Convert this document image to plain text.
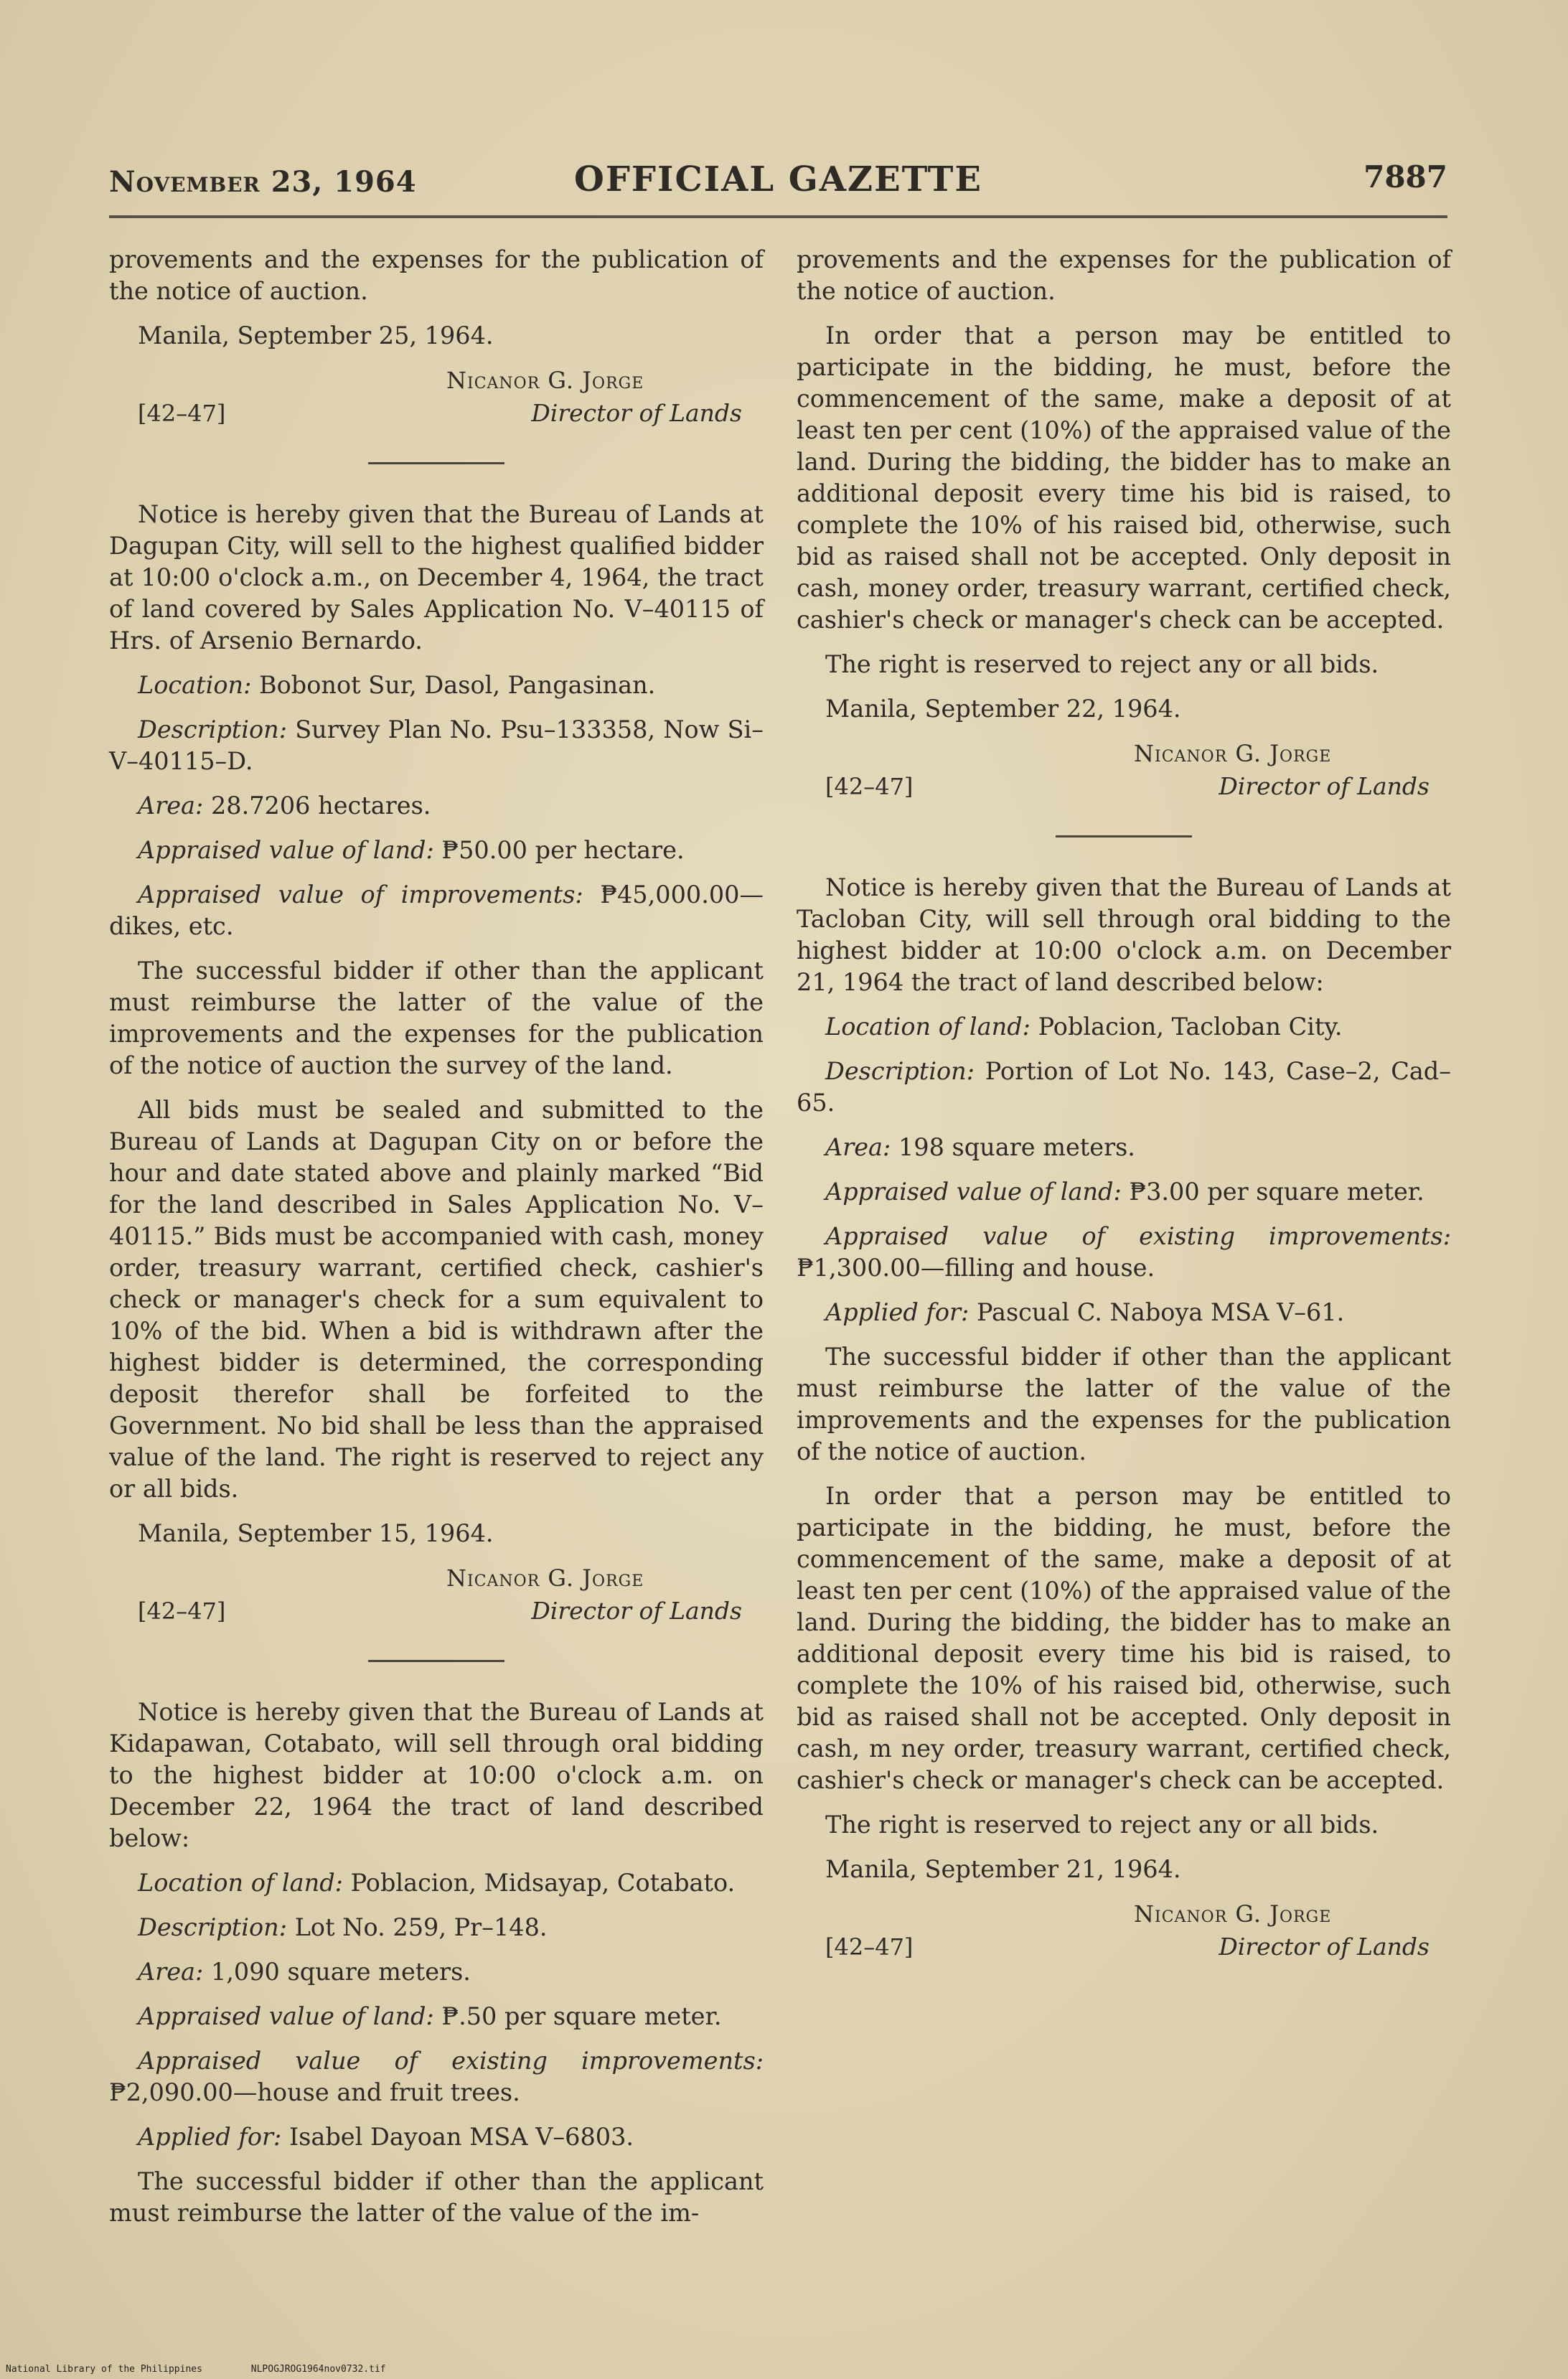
November 23, 1964	OFFICIAL GAZETTE	7887

provements and the expenses for the publication of the notice of auction.

Manila, September 25, 1964.

Nicanor G. Jorge
[42–47]	Director of Lands

Notice is hereby given that the Bureau of Lands at Dagupan City, will sell to the highest qualified bidder at 10:00 o'clock a.m., on December 4, 1964, the tract of land covered by Sales Application No. V–40115 of Hrs. of Arsenio Bernardo.

Location: Bobonot Sur, Dasol, Pangasinan.

Description: Survey Plan No. Psu–133358, Now Si–V–40115–D.

Area: 28.7206 hectares.

Appraised value of land: ₱50.00 per hectare.

Appraised value of improvements: ₱45,000.00—dikes, etc.

The successful bidder if other than the applicant must reimburse the latter of the value of the improvements and the expenses for the publication of the notice of auction the survey of the land.

All bids must be sealed and submitted to the Bureau of Lands at Dagupan City on or before the hour and date stated above and plainly marked “Bid for the land described in Sales Application No. V–40115.” Bids must be accompanied with cash, money order, treasury warrant, certified check, cashier's check or manager's check for a sum equivalent to 10% of the bid. When a bid is withdrawn after the highest bidder is determined, the corresponding deposit therefor shall be forfeited to the Government. No bid shall be less than the appraised value of the land. The right is reserved to reject any or all bids.

Manila, September 15, 1964.

Nicanor G. Jorge
[42–47]	Director of Lands

Notice is hereby given that the Bureau of Lands at Kidapawan, Cotabato, will sell through oral bidding to the highest bidder at 10:00 o'clock a.m. on December 22, 1964 the tract of land described below:

Location of land: Poblacion, Midsayap, Cotabato.

Description: Lot No. 259, Pr–148.

Area: 1,090 square meters.

Appraised value of land: ₱.50 per square meter.

Appraised value of existing improvements: ₱2,090.00—house and fruit trees.

Applied for: Isabel Dayoan MSA V–6803.

The successful bidder if other than the applicant must reimburse the latter of the value of the im-

provements and the expenses for the publication of the notice of auction.

In order that a person may be entitled to participate in the bidding, he must, before the commencement of the same, make a deposit of at least ten per cent (10%) of the appraised value of the land. During the bidding, the bidder has to make an additional deposit every time his bid is raised, to complete the 10% of his raised bid, otherwise, such bid as raised shall not be accepted. Only deposit in cash, money order, treasury warrant, certified check, cashier's check or manager's check can be accepted.

The right is reserved to reject any or all bids.

Manila, September 22, 1964.

Nicanor G. Jorge
[42–47]	Director of Lands

Notice is hereby given that the Bureau of Lands at Tacloban City, will sell through oral bidding to the highest bidder at 10:00 o'clock a.m. on December 21, 1964 the tract of land described below:

Location of land: Poblacion, Tacloban City.

Description: Portion of Lot No. 143, Case–2, Cad–65.

Area: 198 square meters.

Appraised value of land: ₱3.00 per square meter.

Appraised value of existing improvements: ₱1,300.00—filling and house.

Applied for: Pascual C. Naboya MSA V–61.

The successful bidder if other than the applicant must reimburse the latter of the value of the improvements and the expenses for the publication of the notice of auction.

In order that a person may be entitled to participate in the bidding, he must, before the commencement of the same, make a deposit of at least ten per cent (10%) of the appraised value of the land. During the bidding, the bidder has to make an additional deposit every time his bid is raised, to complete the 10% of his raised bid, otherwise, such bid as raised shall not be accepted. Only deposit in cash, m ney order, treasury warrant, certified check, cashier's check or manager's check can be accepted.

The right is reserved to reject any or all bids.

Manila, September 21, 1964.

Nicanor G. Jorge
[42–47]	Director of Lands
National Library of the Philippines	NLPOGJROG1964nov0732.tif
